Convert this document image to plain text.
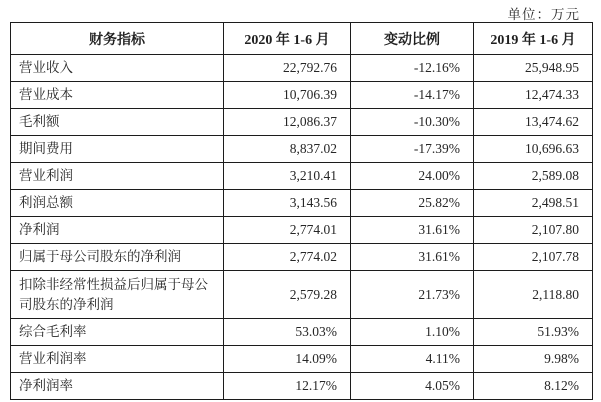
单位：万元
财务指标	2020 年 1-6 月	变动比例	2019 年 1-6 月
营业收入	22,792.76	-12.16%	25,948.95
营业成本	10,706.39	-14.17%	12,474.33
毛利额	12,086.37	-10.30%	13,474.62
期间费用	8,837.02	-17.39%	10,696.63
营业利润	3,210.41	24.00%	2,589.08
利润总额	3,143.56	25.82%	2,498.51
净利润	2,774.01	31.61%	2,107.80
归属于母公司股东的净利润	2,774.02	31.61%	2,107.78
扣除非经常性损益后归属于母公司股东的净利润	2,579.28	21.73%	2,118.80
综合毛利率	53.03%	1.10%	51.93%
营业利润率	14.09%	4.11%	9.98%
净利润率	12.17%	4.05%	8.12%
